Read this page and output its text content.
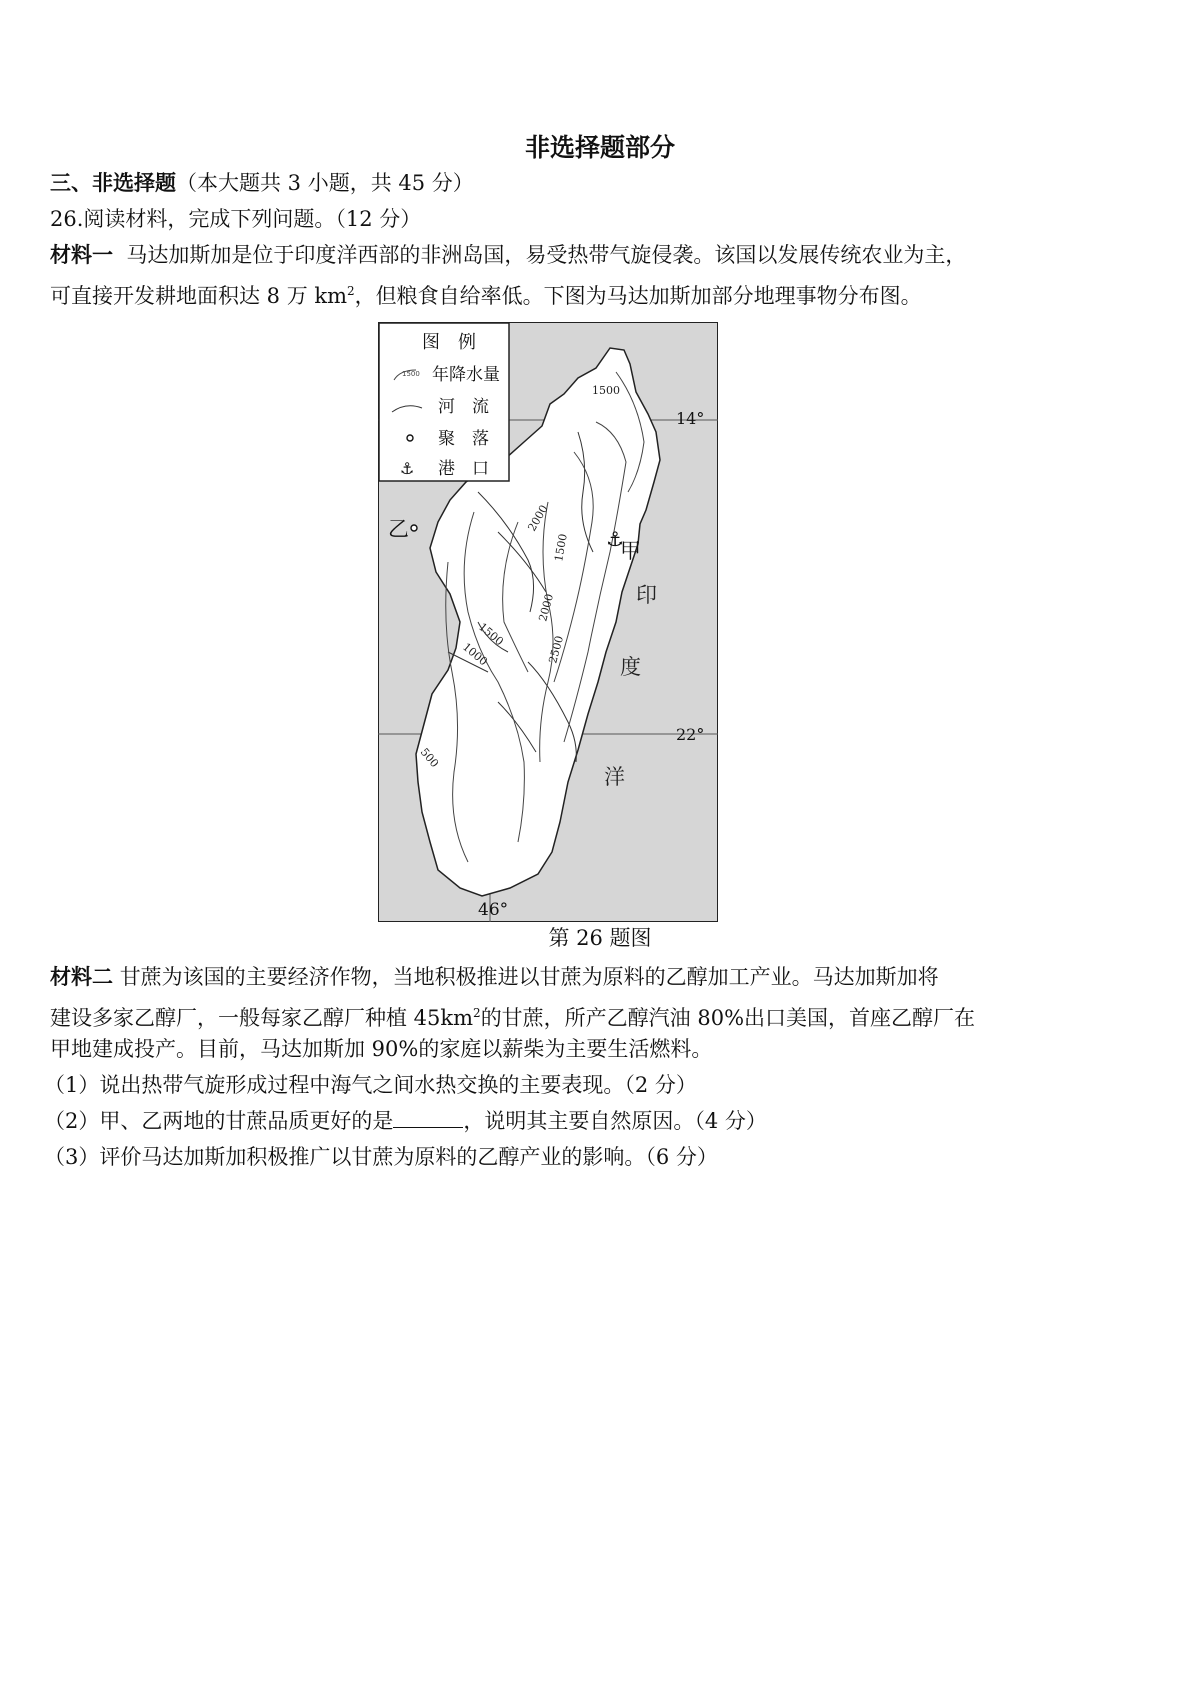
非选择题部分
三、非选择题（本大题共 3 小题，共 45 分）
26.阅读材料，完成下列问题。（12 分）
材料一 马达加斯加是位于印度洋西部的非洲岛国，易受热带气旋侵袭。该国以发展传统农业为主，
可直接开发耕地面积达 8 万 $km^2$，但粮食自给率低。下图为马达加斯加部分地理事物分布图。
1500
2000
1500
2000
2500
1500
1000
500
乙	⚓
甲
印
度
洋
14°
22°
图　例
1500 年降水量
河　流
聚　落
⚓ 港　口
46°
第 26 题图
材料二 甘蔗为该国的主要经济作物，当地积极推进以甘蔗为原料的乙醇加工产业。马达加斯加将
建设多家乙醇厂，一般每家乙醇厂种植 $45km^2$的甘蔗，所产乙醇汽油 80%出口美国，首座乙醇厂在
甲地建成投产。目前，马达加斯加 90%的家庭以薪柴为主要生活燃料。
（1）说出热带气旋形成过程中海气之间水热交换的主要表现。（2 分）
（2）甲、乙两地的甘蔗品质更好的是	，说明其主要自然原因。（4 分）
（3）评价马达加斯加积极推广以甘蔗为原料的乙醇产业的影响。（6 分）
